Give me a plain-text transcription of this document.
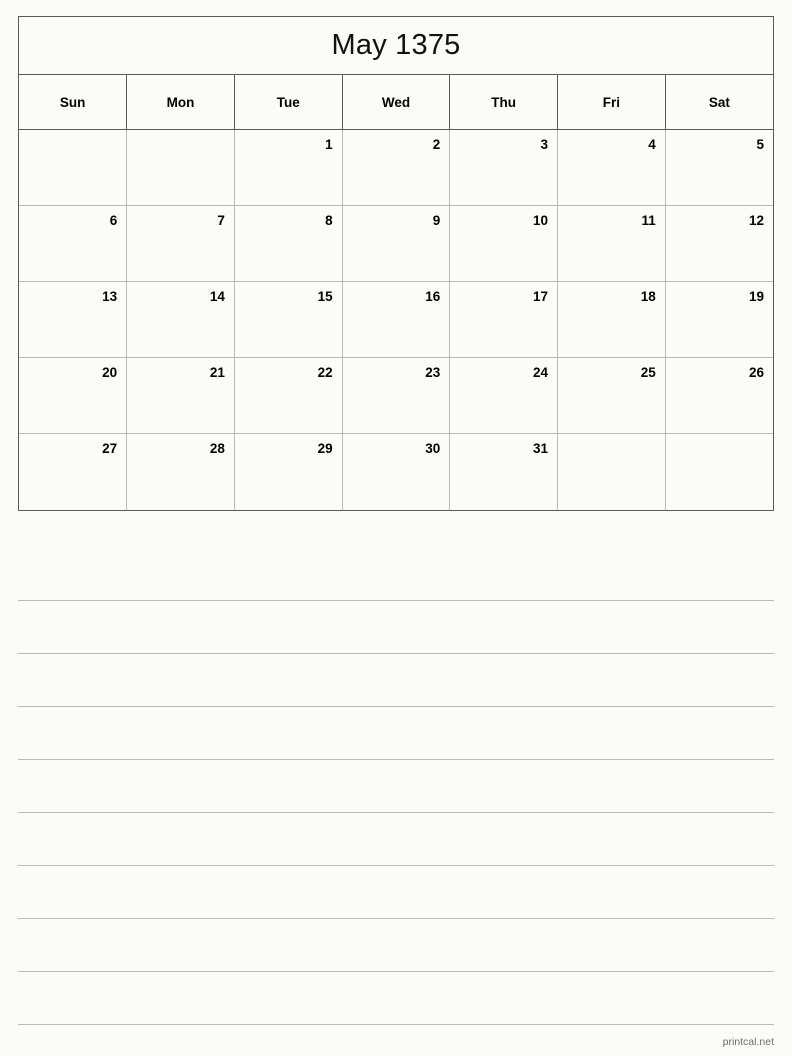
May 1375
Sun	Mon	Tue	Wed	Thu	Fri	Sat
		1	2	3	4	5
6	7	8	9	10	11	12
13	14	15	16	17	18	19
20	21	22	23	24	25	26
27	28	29	30	31		
printcal.net
